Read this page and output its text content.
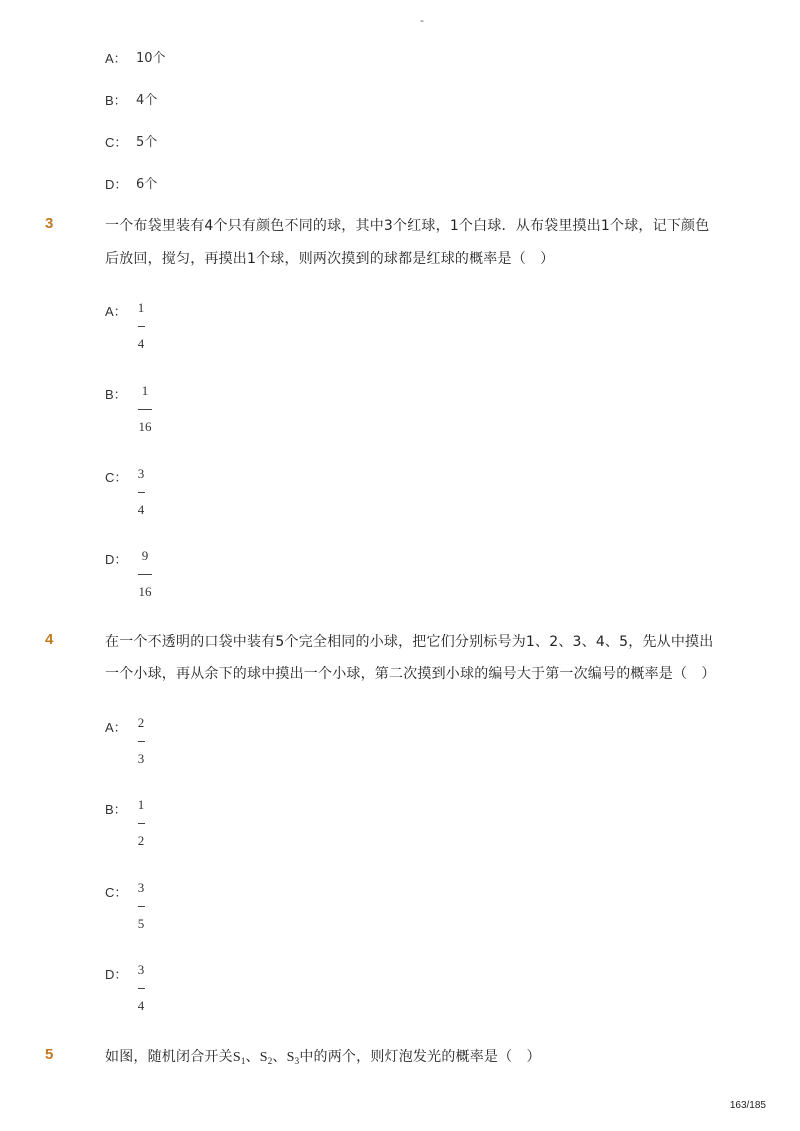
-
A： 10个
B： 4个
C： 5个
D： 6个
3	一个布袋里装有4个只有颜色不同的球，其中3个红球，1个白球．从布袋里摸出1个球，记下颜色
后放回，搅匀，再摸出1个球，则两次摸到的球都是红球的概率是（　）
A： 1
4
B：	1
16
C： 3
4
D：	9
16
4	在一个不透明的口袋中装有5个完全相同的小球，把它们分别标号为1、2、3、4、5，先从中摸出
一个小球，再从余下的球中摸出一个小球，第二次摸到小球的编号大于第一次编号的概率是（　）
A： 2
3
B： 1
2
C： 3
5
D： 3
4
5	如图，随机闭合开关$S_1$、$S_2$、$S_3$中的两个，则灯泡发光的概率是（　）
163/185
